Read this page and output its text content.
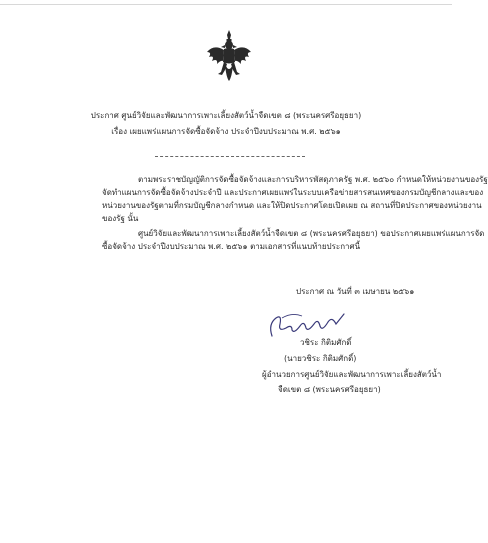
ประกาศ ศูนย์วิจัยและพัฒนาการเพาะเลี้ยงสัตว์น้ำจืดเขต ๘ (พระนครศรีอยุธยา)
เรื่อง เผยแพร่แผนการจัดซื้อจัดจ้าง ประจำปีงบประมาณ พ.ศ. ๒๕๖๑
ตามพระราชบัญญัติการจัดซื้อจัดจ้างและการบริหารพัสดุภาครัฐ พ.ศ. ๒๕๖๐ กำหนดให้หน่วยงานของรัฐ
จัดทำแผนการจัดซื้อจัดจ้างประจำปี และประกาศเผยแพร่ในระบบเครือข่ายสารสนเทศของกรมบัญชีกลางและของ
หน่วยงานของรัฐตามที่กรมบัญชีกลางกำหนด และให้ปิดประกาศโดยเปิดเผย ณ สถานที่ปิดประกาศของหน่วยงาน
ของรัฐ นั้น
ศูนย์วิจัยและพัฒนาการเพาะเลี้ยงสัตว์น้ำจืดเขต ๘ (พระนครศรีอยุธยา) ขอประกาศเผยแพร่แผนการจัด
ซื้อจัดจ้าง ประจำปีงบประมาณ พ.ศ. ๒๕๖๑ ตามเอกสารที่แนบท้ายประกาศนี้
ประกาศ ณ วันที่ ๓ เมษายน ๒๕๖๑
วชิระ กิติมศักดิ์
(นายวชิระ กิติมศักดิ์)
ผู้อำนวยการศูนย์วิจัยและพัฒนาการเพาะเลี้ยงสัตว์น้ำ
จืดเขต ๘ (พระนครศรีอยุธยา)
